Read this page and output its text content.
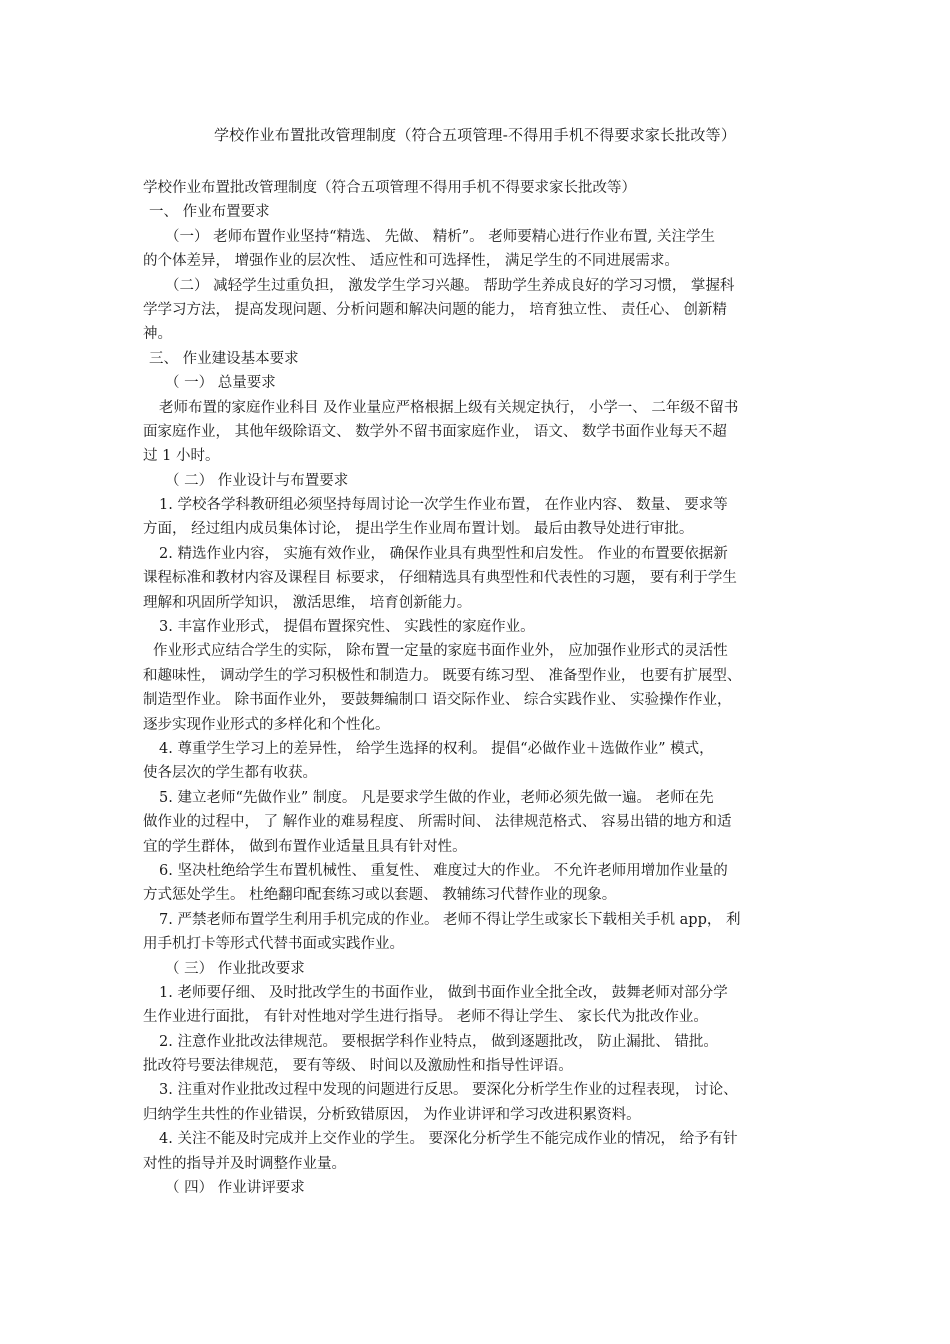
学校作业布置批改管理制度（符合五项管理-不得用手机不得要求家长批改等）
学校作业布置批改管理制度（符合五项管理不得用手机不得要求家长批改等）
一、 作业布置要求
（一） 老师布置作业坚持“精选、 先做、 精析”。 老师要精心进行作业布置, 关注学生
的个体差异， 增强作业的层次性、 适应性和可选择性， 满足学生的不同进展需求。
（二） 减轻学生过重负担， 激发学生学习兴趣。 帮助学生养成良好的学习习惯， 掌握科
学学习方法， 提高发现问题、分析问题和解决问题的能力， 培育独立性、 责任心、 创新精
神。
三、 作业建设基本要求
（ 一） 总量要求
老师布置的家庭作业科目 及作业量应严格根据上级有关规定执行， 小学一、 二年级不留书
面家庭作业， 其他年级除语文、 数学外不留书面家庭作业， 语文、 数学书面作业每天不超
过 1 小时。
（ 二） 作业设计与布置要求
1. 学校各学科教研组必须坚持每周讨论一次学生作业布置， 在作业内容、 数量、 要求等
方面， 经过组内成员集体讨论， 提出学生作业周布置计划。 最后由教导处进行审批。
2. 精选作业内容， 实施有效作业， 确保作业具有典型性和启发性。 作业的布置要依据新
课程标准和教材内容及课程目 标要求， 仔细精选具有典型性和代表性的习题， 要有利于学生
理解和巩固所学知识， 激活思维， 培育创新能力。
3. 丰富作业形式， 提倡布置探究性、 实践性的家庭作业。
作业形式应结合学生的实际， 除布置一定量的家庭书面作业外， 应加强作业形式的灵活性
和趣味性， 调动学生的学习积极性和制造力。 既要有练习型、 准备型作业， 也要有扩展型、
制造型作业。 除书面作业外， 要鼓舞编制口 语交际作业、 综合实践作业、 实验操作作业，
逐步实现作业形式的多样化和个性化。
4. 尊重学生学习上的差异性， 给学生选择的权利。 提倡“必做作业＋选做作业” 模式，
使各层次的学生都有收获。
5. 建立老师“先做作业” 制度。 凡是要求学生做的作业，老师必须先做一遍。 老师在先
做作业的过程中， 了 解作业的难易程度、 所需时间、 法律规范格式、 容易出错的地方和适
宜的学生群体， 做到布置作业适量且具有针对性。
6. 坚决杜绝给学生布置机械性、 重复性、 难度过大的作业。 不允许老师用增加作业量的
方式惩处学生。 杜绝翻印配套练习或以套题、 教辅练习代替作业的现象。
7. 严禁老师布置学生利用手机完成的作业。 老师不得让学生或家长下载相关手机 app， 利
用手机打卡等形式代替书面或实践作业。
（ 三） 作业批改要求
1. 老师要仔细、 及时批改学生的书面作业， 做到书面作业全批全改， 鼓舞老师对部分学
生作业进行面批， 有针对性地对学生进行指导。 老师不得让学生、 家长代为批改作业。
2. 注意作业批改法律规范。 要根据学科作业特点， 做到逐题批改， 防止漏批、 错批。
批改符号要法律规范， 要有等级、 时间以及激励性和指导性评语。
3. 注重对作业批改过程中发现的问题进行反思。 要深化分析学生作业的过程表现， 讨论、
归纳学生共性的作业错误，分析致错原因， 为作业讲评和学习改进积累资料。
4. 关注不能及时完成并上交作业的学生。 要深化分析学生不能完成作业的情况， 给予有针
对性的指导并及时调整作业量。
（ 四） 作业讲评要求
